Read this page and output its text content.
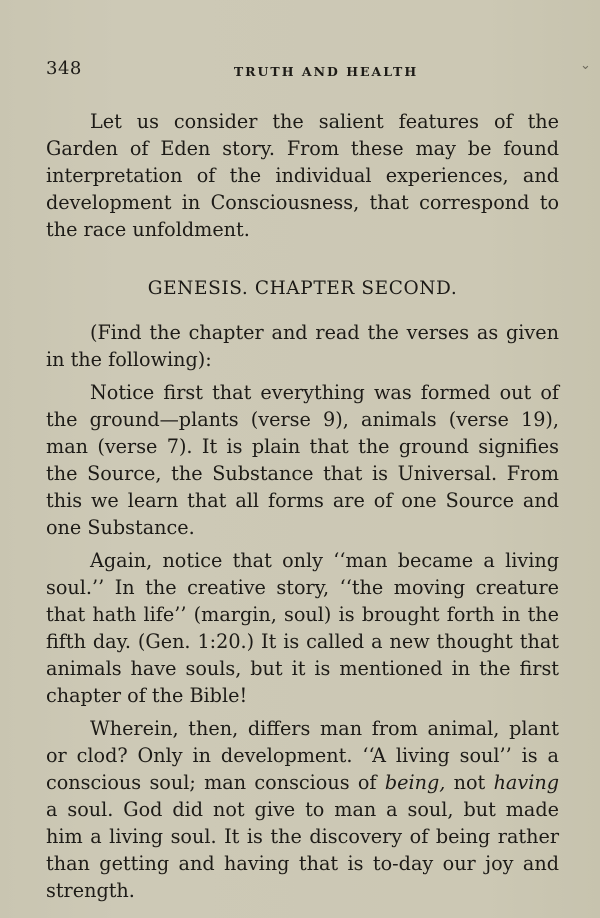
348	TRUTH AND HEALTH	⌄

Let us consider the salient features of the Garden of Eden story. From these may be found interpretation of the individual experiences, and development in Consciousness, that correspond to the race unfoldment.

GENESIS. CHAPTER SECOND.

(Find the chapter and read the verses as given in the following):

Notice first that everything was formed out of the ground—plants (verse 9), animals (verse 19), man (verse 7). It is plain that the ground signifies the Source, the Substance that is Universal. From this we learn that all forms are of one Source and one Substance.

Again, notice that only ‘‘man became a living soul.’’ In the creative story, ‘‘the moving creature that hath life’’ (margin, soul) is brought forth in the fifth day. (Gen. 1:20.) It is called a new thought that animals have souls, but it is mentioned in the first chapter of the Bible!

Wherein, then, differs man from animal, plant or clod? Only in development. ‘‘A living soul’’ is a conscious soul; man conscious of being, not having a soul. God did not give to man a soul, but made him a living soul. It is the discovery of being rather than getting and having that is to-day our joy and strength.
